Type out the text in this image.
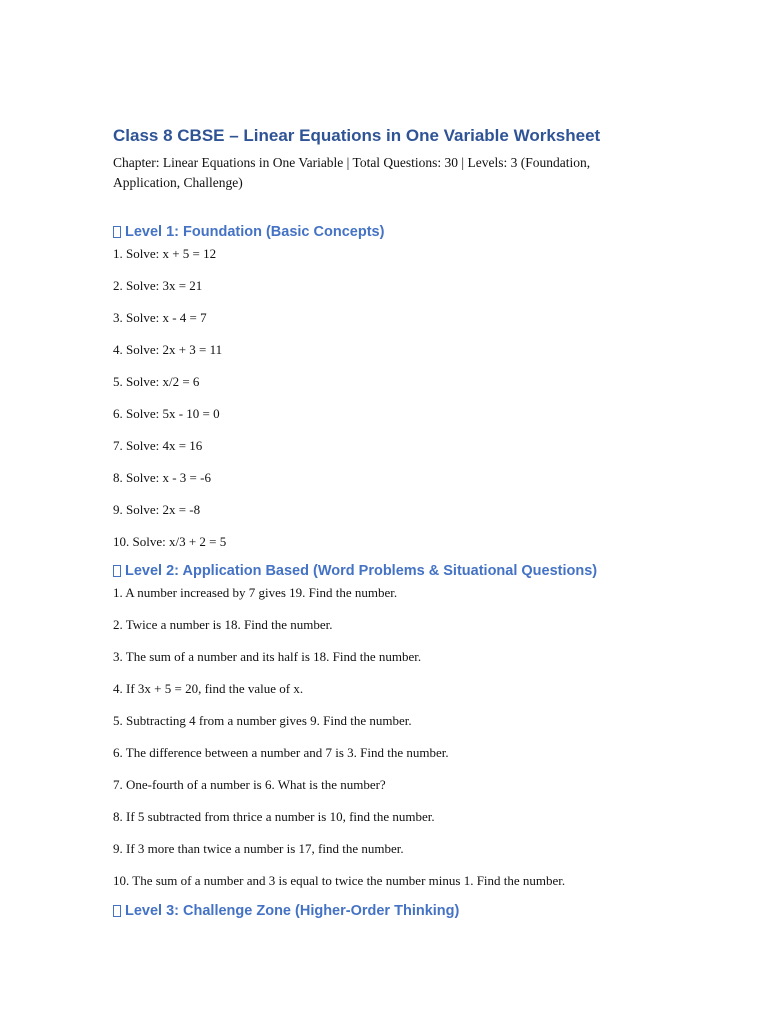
Class 8 CBSE – Linear Equations in One Variable Worksheet

Chapter: Linear Equations in One Variable | Total Questions: 30 | Levels: 3 (Foundation, Application, Challenge)

Level 1: Foundation (Basic Concepts)
1. Solve: x + 5 = 12
2. Solve: 3x = 21
3. Solve: x - 4 = 7
4. Solve: 2x + 3 = 11
5. Solve: x/2 = 6
6. Solve: 5x - 10 = 0
7. Solve: 4x = 16
8. Solve: x - 3 = -6
9. Solve: 2x = -8
10. Solve: x/3 + 2 = 5
Level 2: Application Based (Word Problems & Situational Questions)
1. A number increased by 7 gives 19. Find the number.
2. Twice a number is 18. Find the number.
3. The sum of a number and its half is 18. Find the number.
4. If 3x + 5 = 20, find the value of x.
5. Subtracting 4 from a number gives 9. Find the number.
6. The difference between a number and 7 is 3. Find the number.
7. One-fourth of a number is 6. What is the number?
8. If 5 subtracted from thrice a number is 10, find the number.
9. If 3 more than twice a number is 17, find the number.
10. The sum of a number and 3 is equal to twice the number minus 1. Find the number.
Level 3: Challenge Zone (Higher-Order Thinking)
